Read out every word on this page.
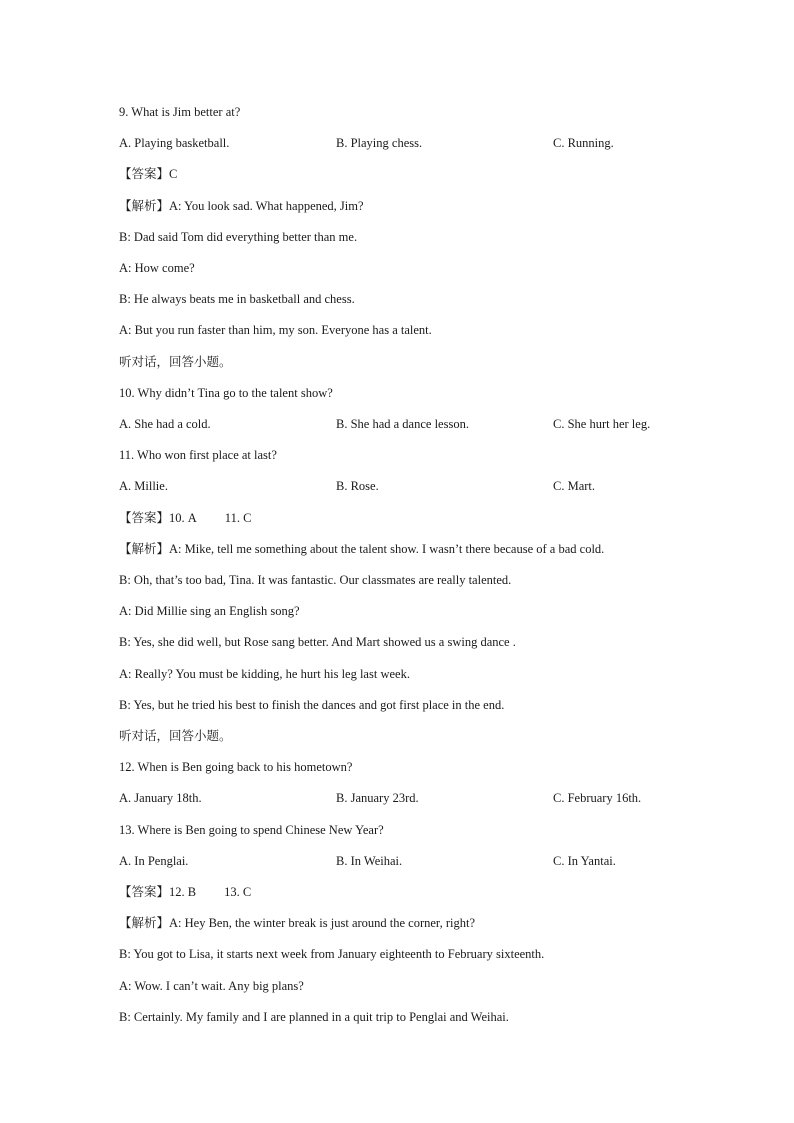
9. What is Jim better at?
A. Playing basketball.	B. Playing chess.	C. Running.
【答案】C
【解析】A: You look sad. What happened, Jim?
B: Dad said Tom did everything better than me.
A: How come?
B: He always beats me in basketball and chess.
A: But you run faster than him, my son. Everyone has a talent.
听对话，回答小题。
10. Why didn’t Tina go to the talent show?
A. She had a cold.	B. She had a dance lesson.	C. She hurt her leg.
11. Who won first place at last?
A. Millie.	B. Rose.	C. Mart.
【答案】10. A 11. C
【解析】A: Mike, tell me something about the talent show. I wasn’t there because of a bad cold.
B: Oh, that’s too bad, Tina. It was fantastic. Our classmates are really talented.
A: Did Millie sing an English song?
B: Yes, she did well, but Rose sang better. And Mart showed us a swing dance .
A: Really? You must be kidding, he hurt his leg last week.
B: Yes, but he tried his best to finish the dances and got first place in the end.
听对话，回答小题。
12. When is Ben going back to his hometown?
A. January 18th.	B. January 23rd.	C. February 16th.
13. Where is Ben going to spend Chinese New Year?
A. In Penglai.	B. In Weihai.	C. In Yantai.
【答案】12. B 13. C
【解析】A: Hey Ben, the winter break is just around the corner, right?
B: You got to Lisa, it starts next week from January eighteenth to February sixteenth.
A: Wow. I can’t wait. Any big plans?
B: Certainly. My family and I are planned in a quit trip to Penglai and Weihai.
